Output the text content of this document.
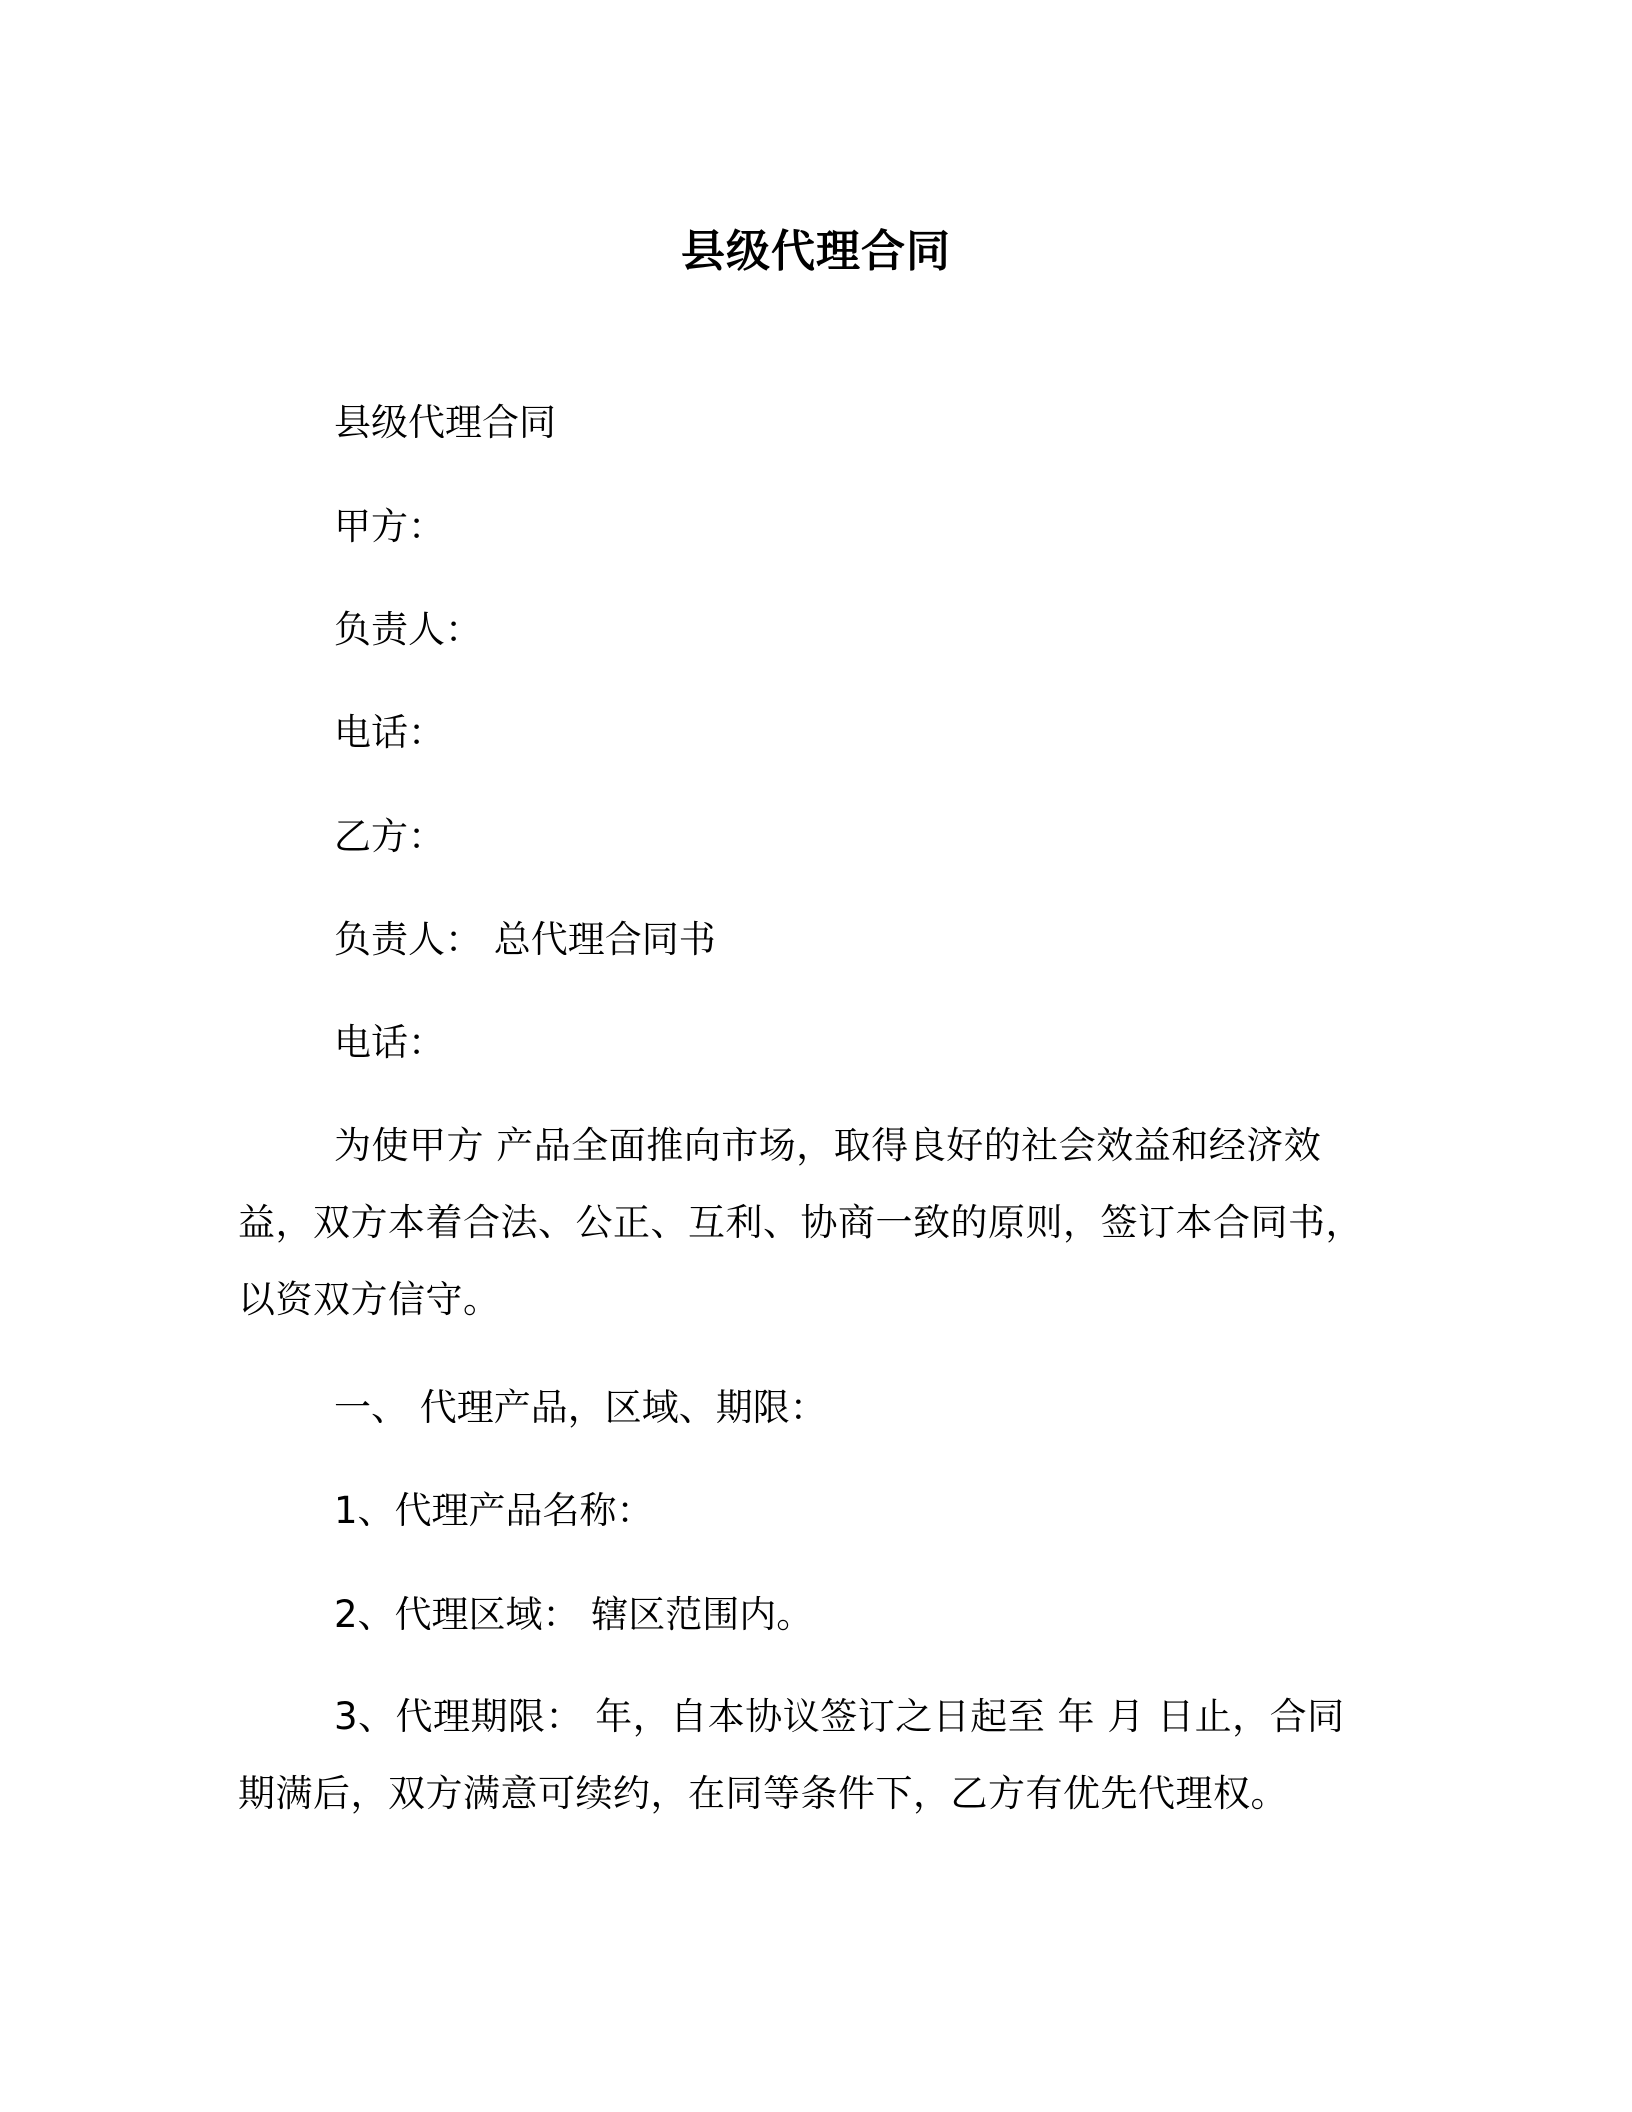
县级代理合同
县级代理合同
甲方：
负责人：
电话：
乙方：
负责人： 总代理合同书
电话：
为使甲方 产品全面推向市场，取得良好的社会效益和经济效益，双方本着合法、公正、互利、协商一致的原则，签订本合同书，以资双方信守。
一、 代理产品，区域、期限：
1、代理产品名称：
2、代理区域： 辖区范围内。
3、代理期限： 年，自本协议签订之日起至 年 月 日止，合同期满后，双方满意可续约，在同等条件下，乙方有优先代理权。
